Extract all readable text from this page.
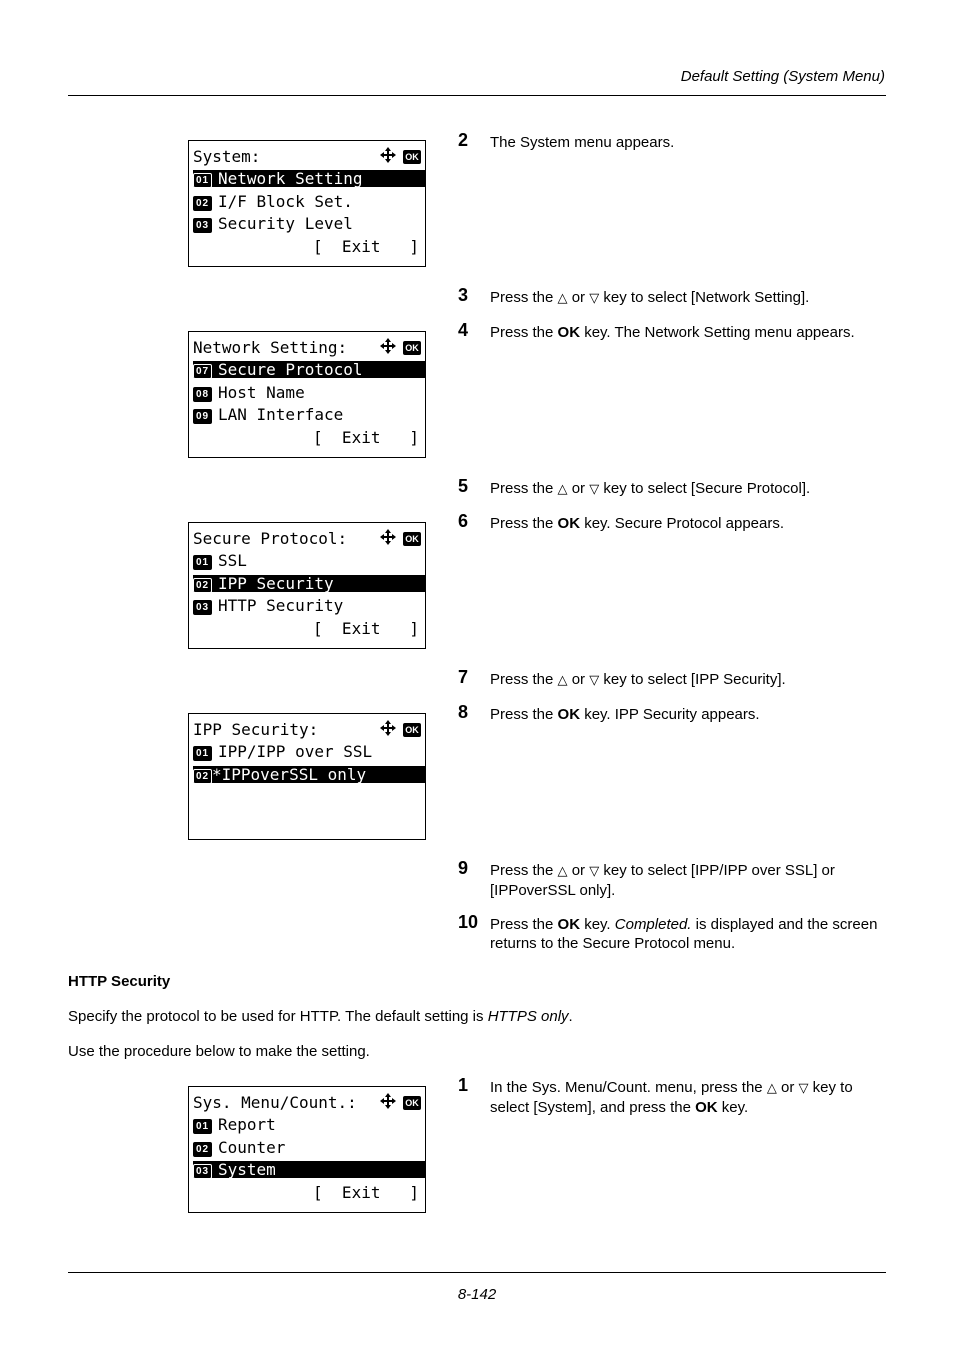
Default Setting (System Menu)
System:	OK
01 Network Setting
02 I/F Block Set.
03 Security Level
[  Exit   ]
Network Setting:	OK
07 Secure Protocol
08 Host Name
09 LAN Interface
[  Exit   ]
Secure Protocol:	OK
01 SSL
02 IPP Security
03 HTTP Security
[  Exit   ]
IPP Security:	OK
01 IPP/IPP over SSL
02 *IPPoverSSL only
Sys. Menu/Count.:	OK
01 Report
02 Counter
03 System
[  Exit   ]
2 The System menu appears.
3 Press the △ or ▽ key to select [Network Setting].
4 Press the OK key. The Network Setting menu appears.
5 Press the △ or ▽ key to select [Secure Protocol].
6 Press the OK key. Secure Protocol appears.
7 Press the △ or ▽ key to select [IPP Security].
8 Press the OK key. IPP Security appears.
9 Press the △ or ▽ key to select [IPP/IPP over SSL] or [IPPoverSSL only].
10 Press the OK key. Completed. is displayed and the screen returns to the Secure Protocol menu.
HTTP Security
Specify the protocol to be used for HTTP. The default setting is HTTPS only.
Use the procedure below to make the setting.
1 In the Sys. Menu/Count. menu, press the △ or ▽ key to select [System], and press the OK key.
8-142
